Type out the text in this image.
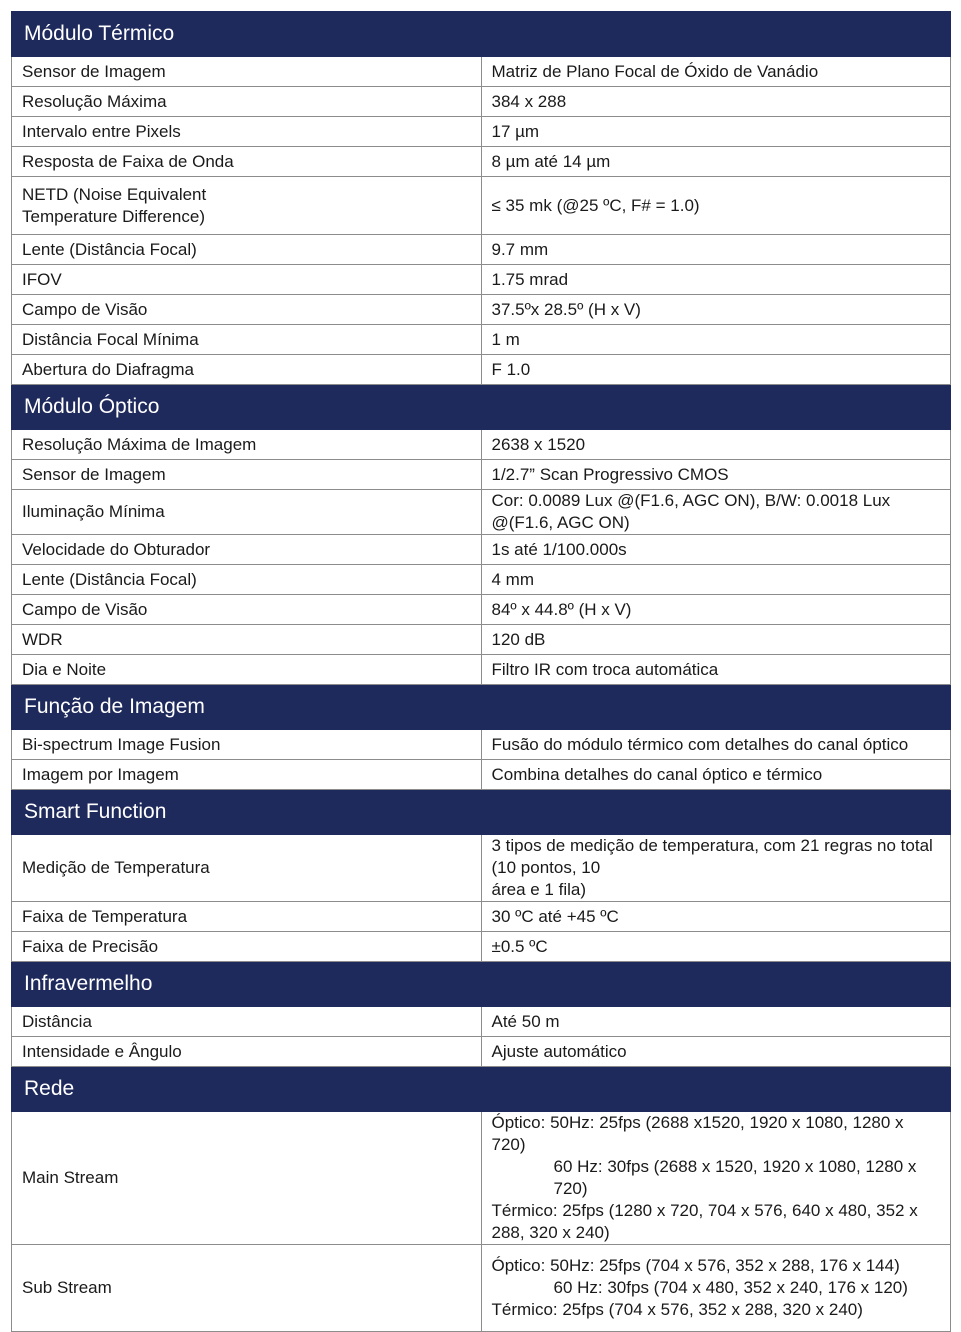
Módulo Térmico	
Sensor de Imagem	Matriz de Plano Focal de Óxido de Vanádio
Resolução Máxima	384 x 288
Intervalo entre Pixels	17 µm
Resposta de Faixa de Onda	8 µm até 14 µm

NETD (Noise Equivalent
Temperature Difference)	≤ 35 mk (@25 ºC, F# = 1.0)
Lente (Distância Focal)	9.7 mm
IFOV	1.75 mrad
Campo de Visão	37.5ºx 28.5º (H x V)
Distância Focal Mínima	1 m
Abertura do Diafragma	F 1.0
Módulo Óptico	
Resolução Máxima de Imagem	2638 x 1520
Sensor de Imagem	1/2.7” Scan Progressivo CMOS
Iluminação Mínima	Cor: 0.0089 Lux @(F1.6, AGC ON), B/W: 0.0018 Lux @(F1.6, AGC ON)
Velocidade do Obturador	1s até 1/100.000s
Lente (Distância Focal)	4 mm
Campo de Visão	84º x 44.8º (H x V)
WDR	120 dB
Dia e Noite	Filtro IR com troca automática
Função de Imagem	
Bi-spectrum Image Fusion	Fusão do módulo térmico com detalhes do canal óptico
Imagem por Imagem	Combina detalhes do canal óptico e térmico
Smart Function	
Medição de Temperatura	3 tipos de medição de temperatura, com 21 regras no total (10 pontos, 10
área e 1 fila)

Faixa de Temperatura	30 ºC até +45 ºC
Faixa de Precisão	±0.5 ºC
Infravermelho	
Distância	Até 50 m
Intensidade e Ângulo	Ajuste automático
Rede	
Main Stream	Óptico: 50Hz: 25fps (2688 x1520, 1920 x 1080, 1280 x 720)
60 Hz: 30fps (2688 x 1520, 1920 x 1080, 1280 x 720)
Térmico: 25fps (1280 x 720, 704 x 576, 640 x 480, 352 x 288, 320 x 240)

Sub Stream	Óptico: 50Hz: 25fps (704 x 576, 352 x 288, 176 x 144)
60 Hz: 30fps (704 x 480, 352 x 240, 176 x 120)
Térmico: 25fps (704 x 576, 352 x 288, 320 x 240)
